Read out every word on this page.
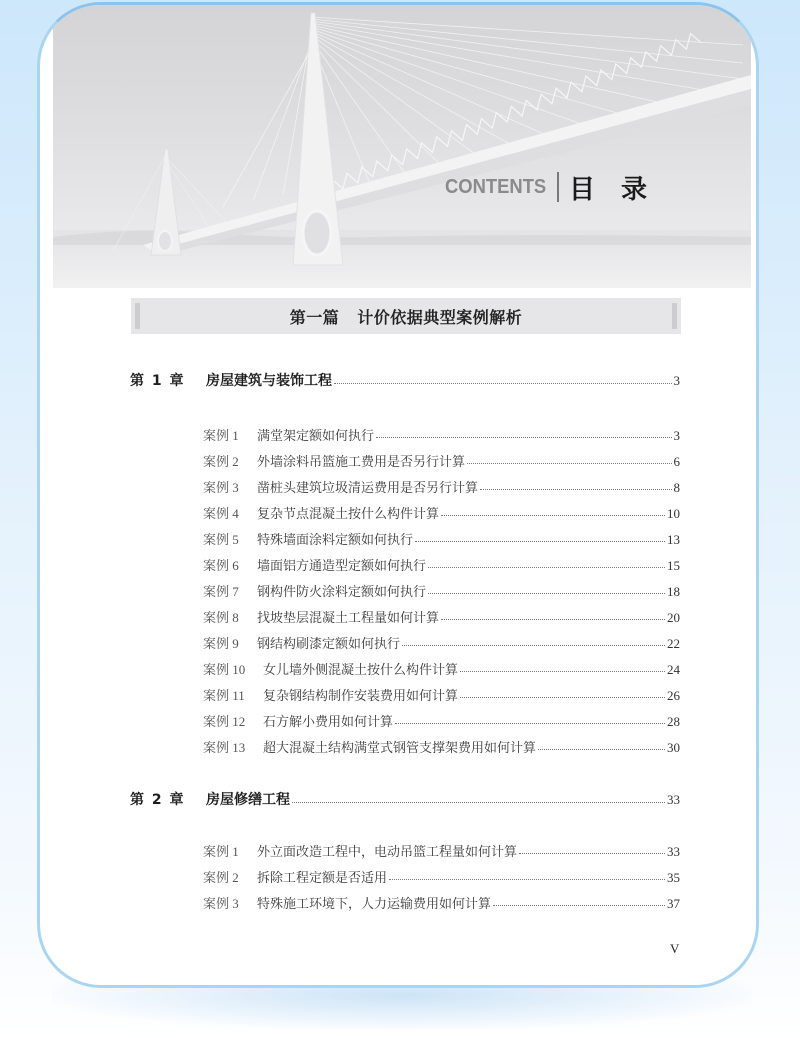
CONTENTS 目录
第一篇 计价依据典型案例解析
第 1 章	房屋建筑与装饰工程	3
案例 1	满堂架定额如何执行	3
案例 2	外墙涂料吊篮施工费用是否另行计算	6
案例 3	凿桩头建筑垃圾清运费用是否另行计算	8
案例 4	复杂节点混凝土按什么构件计算	10
案例 5	特殊墙面涂料定额如何执行	13
案例 6	墙面铝方通造型定额如何执行	15
案例 7	钢构件防火涂料定额如何执行	18
案例 8	找坡垫层混凝土工程量如何计算	20
案例 9	钢结构刷漆定额如何执行	22
案例 10	女儿墙外侧混凝土按什么构件计算	24
案例 11	复杂钢结构制作安装费用如何计算	26
案例 12	石方解小费用如何计算	28
案例 13	超大混凝土结构满堂式钢管支撑架费用如何计算	30
第 2 章	房屋修缮工程	33
案例 1	外立面改造工程中，电动吊篮工程量如何计算	33
案例 2	拆除工程定额是否适用	35
案例 3	特殊施工环境下，人力运输费用如何计算	37
V
